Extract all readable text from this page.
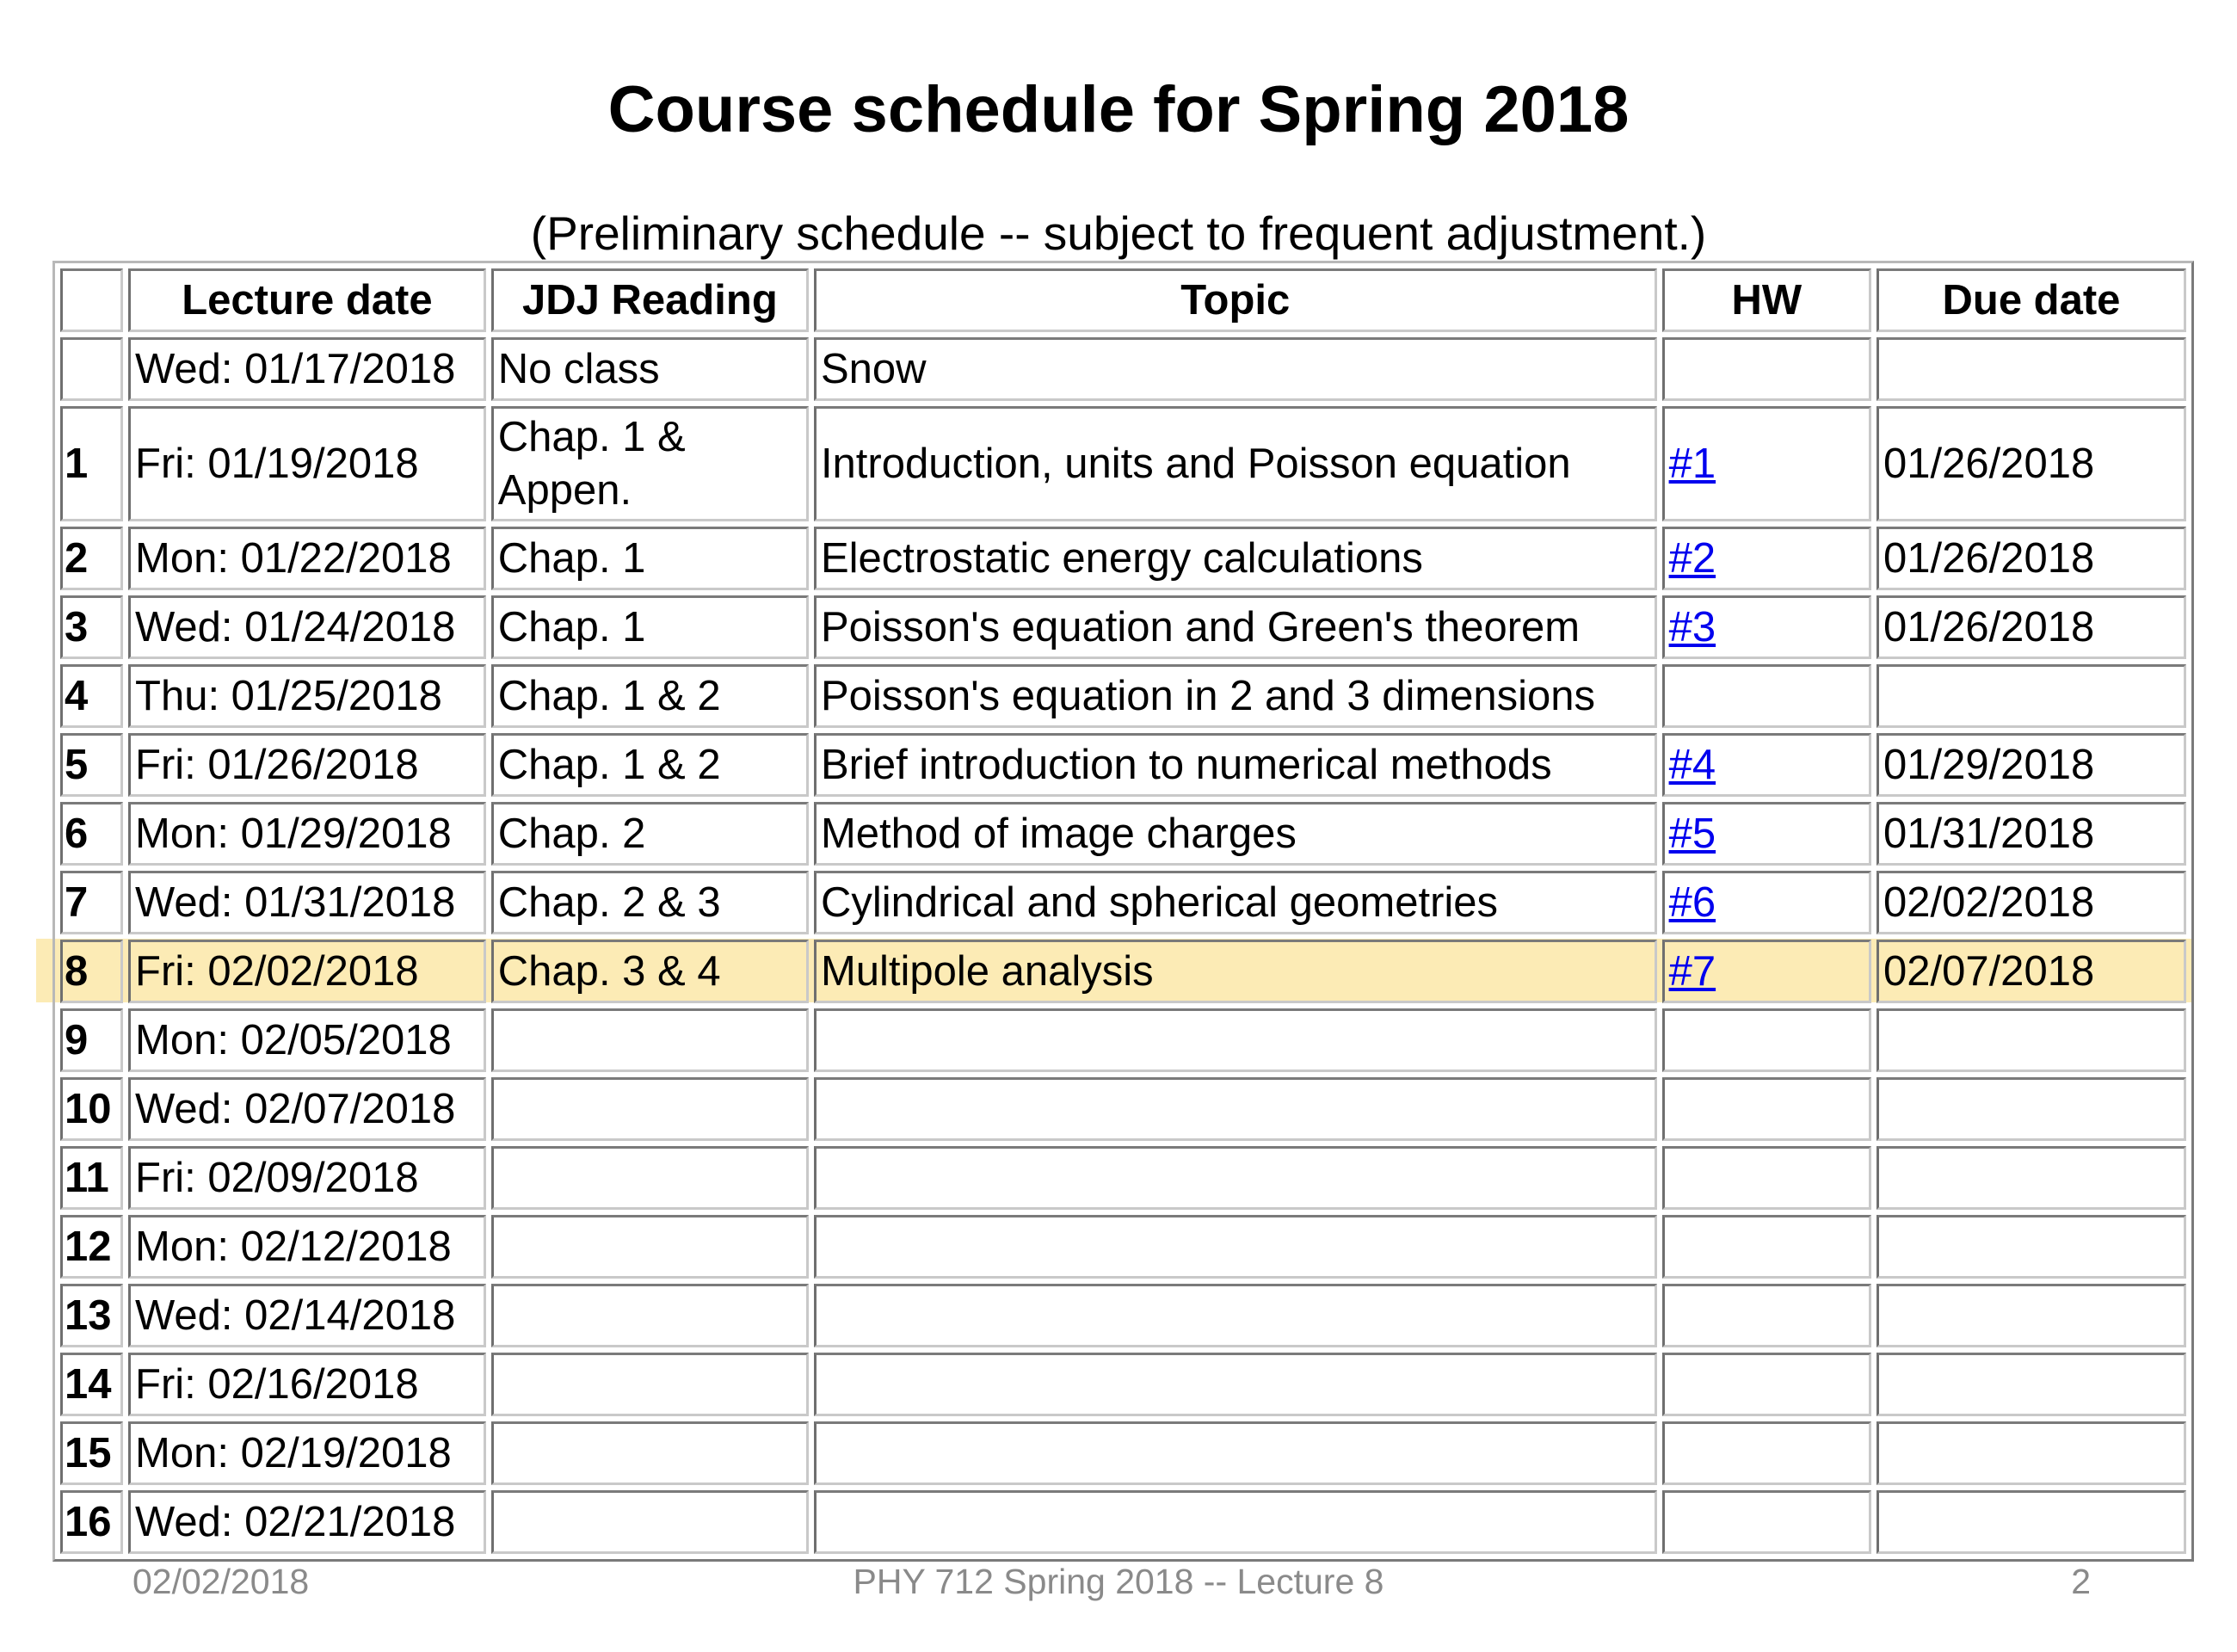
Course schedule for Spring 2018
(Preliminary schedule -- subject to frequent adjustment.)
	Lecture date	JDJ Reading	Topic	HW	Due date
	Wed: 01/17/2018	No class	Snow		
1	Fri: 01/19/2018	Chap. 1 & Appen.	Introduction, units and Poisson equation	#1	01/26/2018
2	Mon: 01/22/2018	Chap. 1	Electrostatic energy calculations	#2	01/26/2018
3	Wed: 01/24/2018	Chap. 1	Poisson's equation and Green's theorem	#3	01/26/2018
4	Thu: 01/25/2018	Chap. 1 & 2	Poisson's equation in 2 and 3 dimensions		
5	Fri: 01/26/2018	Chap. 1 & 2	Brief introduction to numerical methods	#4	01/29/2018
6	Mon: 01/29/2018	Chap. 2	Method of image charges	#5	01/31/2018
7	Wed: 01/31/2018	Chap. 2 & 3	Cylindrical and spherical geometries	#6	02/02/2018
8	Fri: 02/02/2018	Chap. 3 & 4	Multipole analysis	#7	02/07/2018
9	Mon: 02/05/2018				
10	Wed: 02/07/2018				
11	Fri: 02/09/2018				
12	Mon: 02/12/2018				
13	Wed: 02/14/2018				
14	Fri: 02/16/2018				
15	Mon: 02/19/2018				
16	Wed: 02/21/2018				
02/02/2018	PHY 712 Spring 2018 -- Lecture 8	2
